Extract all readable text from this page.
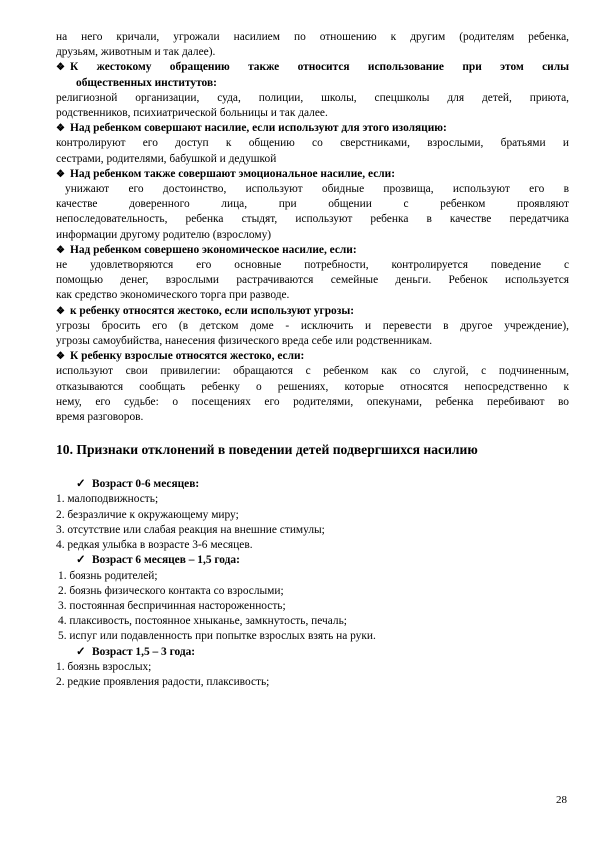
на него кричали, угрожали насилием по отношению к другим (родителям ребенка,

друзьям, животным и так далее).

❖ К жестокому обращению также относится использование при этом силы
общественных институтов:

религиозной организации, суда, полиции, школы, спецшколы для детей, приюта,

родственников, психиатрической больницы и так далее.

❖ Над ребенком совершают насилие, если используют для этого изоляцию:

контролируют его доступ к общению со сверстниками, взрослыми, братьями и

сестрами, родителями, бабушкой и дедушкой

❖ Над ребенком также совершают эмоциональное насилие, если:

унижают его достоинство, используют обидные прозвища, используют его в

качестве доверенного лица, при общении с ребенком проявляют

непоследовательность, ребенка стыдят, используют ребенка в качестве передатчика

информации другому родителю (взрослому)

❖ Над ребенком совершено экономическое насилие, если:

не удовлетворяются его основные потребности, контролируется поведение с

помощью денег, взрослыми растрачиваются семейные деньги. Ребенок используется

как средство экономического торга при разводе.

❖ к ребенку относятся жестоко, если используют угрозы:

угрозы бросить его (в детском доме - исключить и перевести в другое учреждение),

угрозы самоубийства, нанесения физического вреда себе или родственникам.

❖ К ребенку взрослые относятся жестоко, если:

используют свои привилегии: обращаются с ребенком как со слугой, с подчиненным,

отказываются сообщать ребенку о решениях, которые относятся непосредственно к

нему, его судьбе: о посещениях его родителями, опекунами, ребенка перебивают во

время разговоров.

10. Признаки отклонений в поведении детей подвергшихся насилию
✓ Возраст 0-6 месяцев:
1. малоподвижность;
2. безразличие к окружающему миру;
3. отсутствие или слабая реакция на внешние стимулы;
4. редкая улыбка в возрасте 3-6 месяцев.
✓ Возраст 6 месяцев – 1,5 года:
1. боязнь родителей;
2. боязнь физического контакта со взрослыми;
3. постоянная беспричинная настороженность;
4. плаксивость, постоянное хныканье, замкнутость, печаль;
5. испуг или подавленность при попытке взрослых взять на руки.
✓ Возраст 1,5 – 3 года:
1. боязнь взрослых;
2. редкие проявления радости, плаксивость;
28
